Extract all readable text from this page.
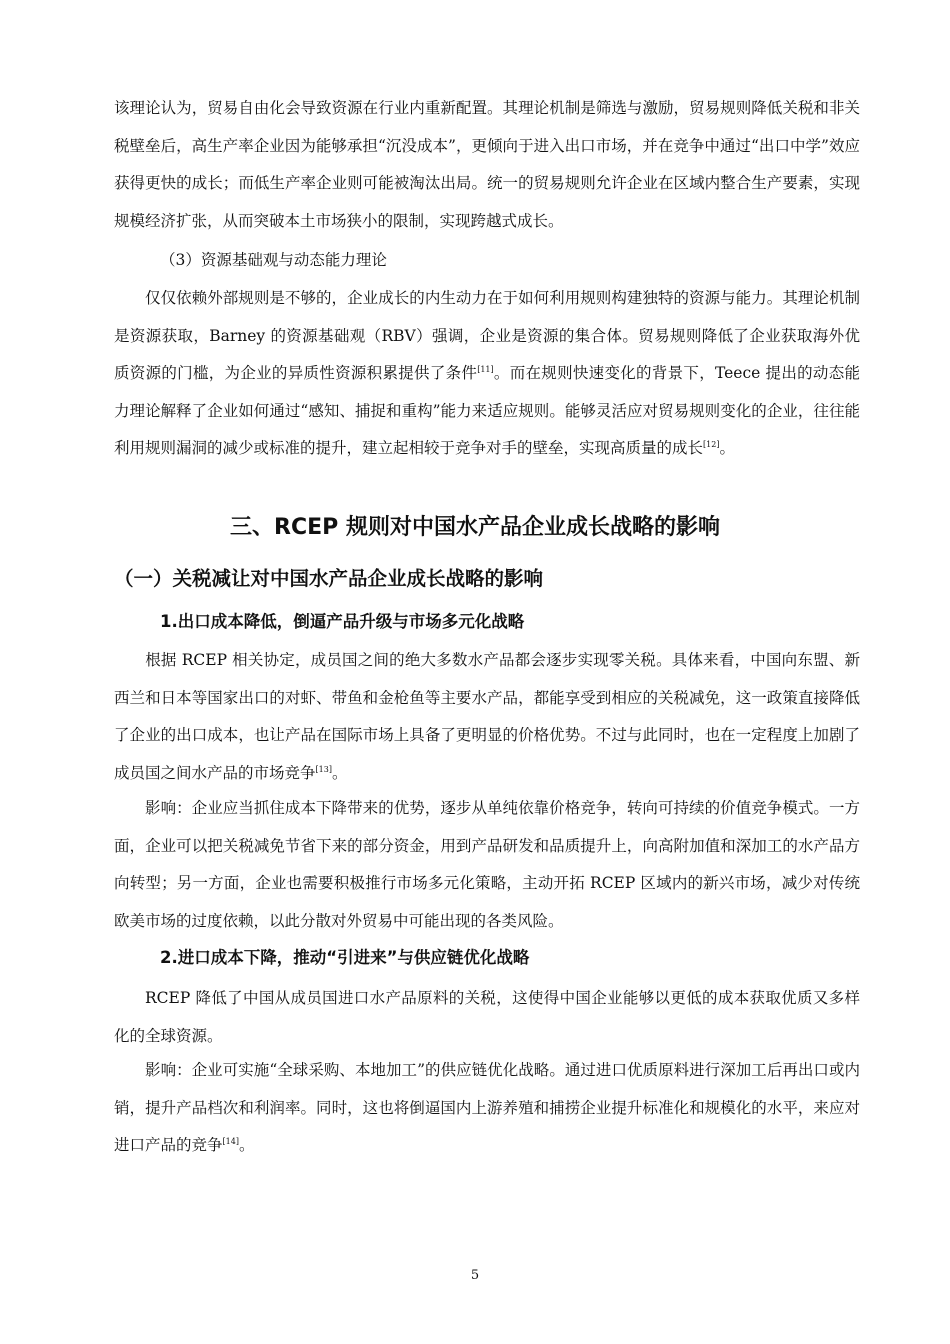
该理论认为，贸易自由化会导致资源在行业内重新配置。其理论机制是筛选与激励，贸易规则降低关税和非关税壁垒后，高生产率企业因为能够承担“沉没成本”，更倾向于进入出口市场，并在竞争中通过“出口中学”效应获得更快的成长；而低生产率企业则可能被淘汰出局。统一的贸易规则允许企业在区域内整合生产要素，实现规模经济扩张，从而突破本土市场狭小的限制，实现跨越式成长。

（3）资源基础观与动态能力理论

仅仅依赖外部规则是不够的，企业成长的内生动力在于如何利用规则构建独特的资源与能力。其理论机制是资源获取，Barney 的资源基础观（RBV）强调，企业是资源的集合体。贸易规则降低了企业获取海外优质资源的门槛，为企业的异质性资源积累提供了条件[11]。而在规则快速变化的背景下，Teece 提出的动态能力理论解释了企业如何通过“感知、捕捉和重构”能力来适应规则。能够灵活应对贸易规则变化的企业，往往能利用规则漏洞的减少或标准的提升，建立起相较于竞争对手的壁垒，实现高质量的成长[12]。

三、RCEP 规则对中国水产品企业成长战略的影响
（一）关税减让对中国水产品企业成长战略的影响
1.出口成本降低，倒逼产品升级与市场多元化战略

根据 RCEP 相关协定，成员国之间的绝大多数水产品都会逐步实现零关税。具体来看，中国向东盟、新西兰和日本等国家出口的对虾、带鱼和金枪鱼等主要水产品，都能享受到相应的关税减免，这一政策直接降低了企业的出口成本，也让产品在国际市场上具备了更明显的价格优势。不过与此同时，也在一定程度上加剧了成员国之间水产品的市场竞争[13]。

影响：企业应当抓住成本下降带来的优势，逐步从单纯依靠价格竞争，转向可持续的价值竞争模式。一方面，企业可以把关税减免节省下来的部分资金，用到产品研发和品质提升上，向高附加值和深加工的水产品方向转型；另一方面，企业也需要积极推行市场多元化策略，主动开拓 RCEP 区域内的新兴市场，减少对传统欧美市场的过度依赖，以此分散对外贸易中可能出现的各类风险。

2.进口成本下降，推动“引进来”与供应链优化战略

RCEP 降低了中国从成员国进口水产品原料的关税，这使得中国企业能够以更低的成本获取优质又多样化的全球资源。

影响：企业可实施“全球采购、本地加工”的供应链优化战略。通过进口优质原料进行深加工后再出口或内销，提升产品档次和利润率。同时，这也将倒逼国内上游养殖和捕捞企业提升标准化和规模化的水平，来应对进口产品的竞争[14]。

5
